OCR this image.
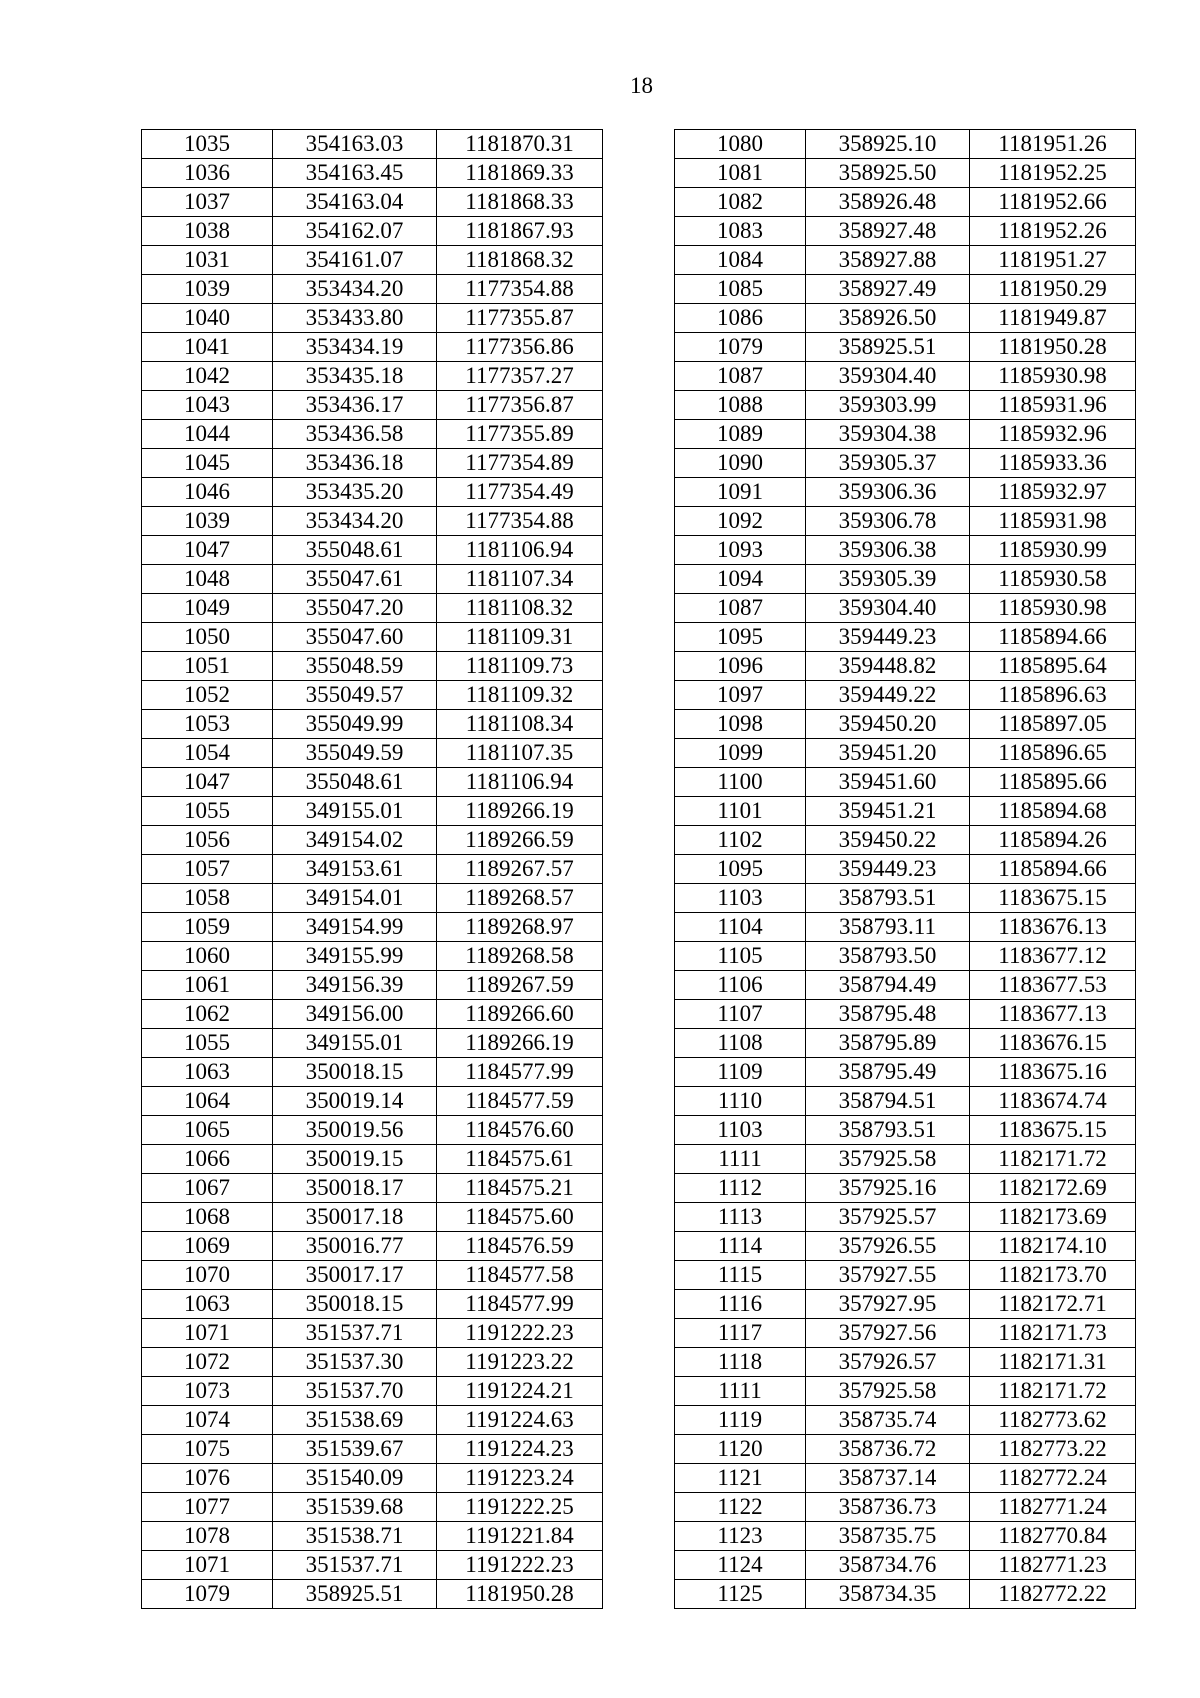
18
1035	354163.03	1181870.31
1036	354163.45	1181869.33
1037	354163.04	1181868.33
1038	354162.07	1181867.93
1031	354161.07	1181868.32
1039	353434.20	1177354.88
1040	353433.80	1177355.87
1041	353434.19	1177356.86
1042	353435.18	1177357.27
1043	353436.17	1177356.87
1044	353436.58	1177355.89
1045	353436.18	1177354.89
1046	353435.20	1177354.49
1039	353434.20	1177354.88
1047	355048.61	1181106.94
1048	355047.61	1181107.34
1049	355047.20	1181108.32
1050	355047.60	1181109.31
1051	355048.59	1181109.73
1052	355049.57	1181109.32
1053	355049.99	1181108.34
1054	355049.59	1181107.35
1047	355048.61	1181106.94
1055	349155.01	1189266.19
1056	349154.02	1189266.59
1057	349153.61	1189267.57
1058	349154.01	1189268.57
1059	349154.99	1189268.97
1060	349155.99	1189268.58
1061	349156.39	1189267.59
1062	349156.00	1189266.60
1055	349155.01	1189266.19
1063	350018.15	1184577.99
1064	350019.14	1184577.59
1065	350019.56	1184576.60
1066	350019.15	1184575.61
1067	350018.17	1184575.21
1068	350017.18	1184575.60
1069	350016.77	1184576.59
1070	350017.17	1184577.58
1063	350018.15	1184577.99
1071	351537.71	1191222.23
1072	351537.30	1191223.22
1073	351537.70	1191224.21
1074	351538.69	1191224.63
1075	351539.67	1191224.23
1076	351540.09	1191223.24
1077	351539.68	1191222.25
1078	351538.71	1191221.84
1071	351537.71	1191222.23
1079	358925.51	1181950.28
1080	358925.10	1181951.26
1081	358925.50	1181952.25
1082	358926.48	1181952.66
1083	358927.48	1181952.26
1084	358927.88	1181951.27
1085	358927.49	1181950.29
1086	358926.50	1181949.87
1079	358925.51	1181950.28
1087	359304.40	1185930.98
1088	359303.99	1185931.96
1089	359304.38	1185932.96
1090	359305.37	1185933.36
1091	359306.36	1185932.97
1092	359306.78	1185931.98
1093	359306.38	1185930.99
1094	359305.39	1185930.58
1087	359304.40	1185930.98
1095	359449.23	1185894.66
1096	359448.82	1185895.64
1097	359449.22	1185896.63
1098	359450.20	1185897.05
1099	359451.20	1185896.65
1100	359451.60	1185895.66
1101	359451.21	1185894.68
1102	359450.22	1185894.26
1095	359449.23	1185894.66
1103	358793.51	1183675.15
1104	358793.11	1183676.13
1105	358793.50	1183677.12
1106	358794.49	1183677.53
1107	358795.48	1183677.13
1108	358795.89	1183676.15
1109	358795.49	1183675.16
1110	358794.51	1183674.74
1103	358793.51	1183675.15
1111	357925.58	1182171.72
1112	357925.16	1182172.69
1113	357925.57	1182173.69
1114	357926.55	1182174.10
1115	357927.55	1182173.70
1116	357927.95	1182172.71
1117	357927.56	1182171.73
1118	357926.57	1182171.31
1111	357925.58	1182171.72
1119	358735.74	1182773.62
1120	358736.72	1182773.22
1121	358737.14	1182772.24
1122	358736.73	1182771.24
1123	358735.75	1182770.84
1124	358734.76	1182771.23
1125	358734.35	1182772.22
